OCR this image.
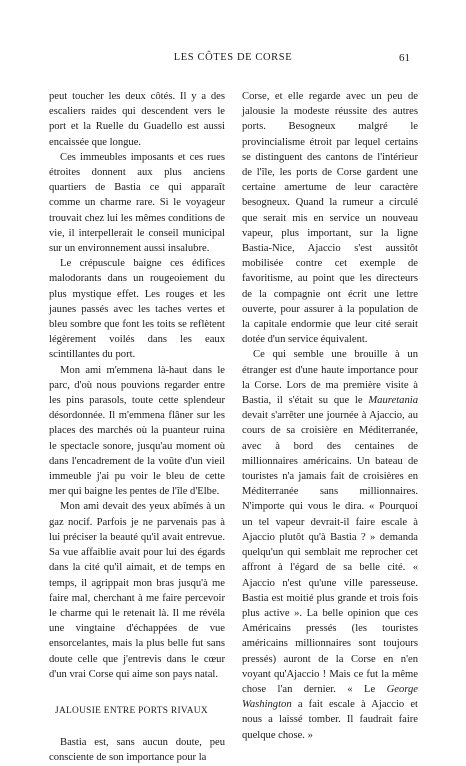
LES CÔTES DE CORSE	61

peut toucher les deux côtés. Il y a des escaliers raides qui descendent vers le port et la Ruelle du Guadello est aussi encaissée que longue.

Ces immeubles imposants et ces rues étroites donnent aux plus anciens quartiers de Bastia ce qui apparaît comme un charme rare. Si le voyageur trouvait chez lui les mêmes conditions de vie, il interpellerait le conseil municipal sur un environnement aussi insalubre.

Le crépuscule baigne ces édifices malodorants dans un rougeoiement du plus mystique effet. Les rouges et les jaunes passés avec les taches vertes et bleu sombre que font les toits se reflètent légèrement voilés dans les eaux scintillantes du port.

Mon ami m'emmena là-haut dans le parc, d'où nous pouvions regarder entre les pins parasols, toute cette splendeur désordonnée. Il m'emmena flâner sur les places des marchés où la puanteur ruina le spectacle sonore, jusqu'au moment où dans l'encadrement de la voûte d'un vieil immeuble j'ai pu voir le bleu de cette mer qui baigne les pentes de l'île d'Elbe.

Mon ami devait des yeux abîmés à un gaz nocif. Parfois je ne parvenais pas à lui préciser la beauté qu'il avait entrevue. Sa vue affaiblie avait pour lui des égards dans la cité qu'il aimait, et de temps en temps, il agrippait mon bras jusqu'à me faire mal, cherchant à me faire percevoir le charme qui le retenait là. Il me révéla une vingtaine d'échappées de vue ensorcelantes, mais la plus belle fut sans doute celle que j'entrevis dans le cœur d'un vrai Corse qui aime son pays natal.

JALOUSIE ENTRE PORTS RIVAUX

Bastia est, sans aucun doute, peu consciente de son importance pour la

Corse, et elle regarde avec un peu de jalousie la modeste réussite des autres ports. Besogneux malgré le provincialisme étroit par lequel certains se distinguent des cantons de l'intérieur de l'île, les ports de Corse gardent une certaine amertume de leur caractère besogneux. Quand la rumeur a circulé que serait mis en service un nouveau vapeur, plus important, sur la ligne Bastia-Nice, Ajaccio s'est aussitôt mobilisée contre cet exemple de favoritisme, au point que les directeurs de la compagnie ont écrit une lettre ouverte, pour assurer à la population de la capitale endormie que leur cité serait dotée d'un service équivalent.

Ce qui semble une brouille à un étranger est d'une haute importance pour la Corse. Lors de ma première visite à Bastia, il s'était su que le Mauretania devait s'arrêter une journée à Ajaccio, au cours de sa croisière en Méditerranée, avec à bord des centaines de millionnaires américains. Un bateau de touristes n'a jamais fait de croisières en Méditerranée sans millionnaires. N'importe qui vous le dira. « Pourquoi un tel vapeur devrait-il faire escale à Ajaccio plutôt qu'à Bastia ? » demanda quelqu'un qui semblait me reprocher cet affront à l'égard de sa belle cité. « Ajaccio n'est qu'une ville paresseuse. Bastia est moitié plus grande et trois fois plus active ». La belle opinion que ces Américains pressés (les touristes américains millionnaires sont toujours pressés) auront de la Corse en n'en voyant qu'Ajaccio ! Mais ce fut la même chose l'an dernier. « Le George Washington a fait escale à Ajaccio et nous a laissé tomber. Il faudrait faire quelque chose. »
